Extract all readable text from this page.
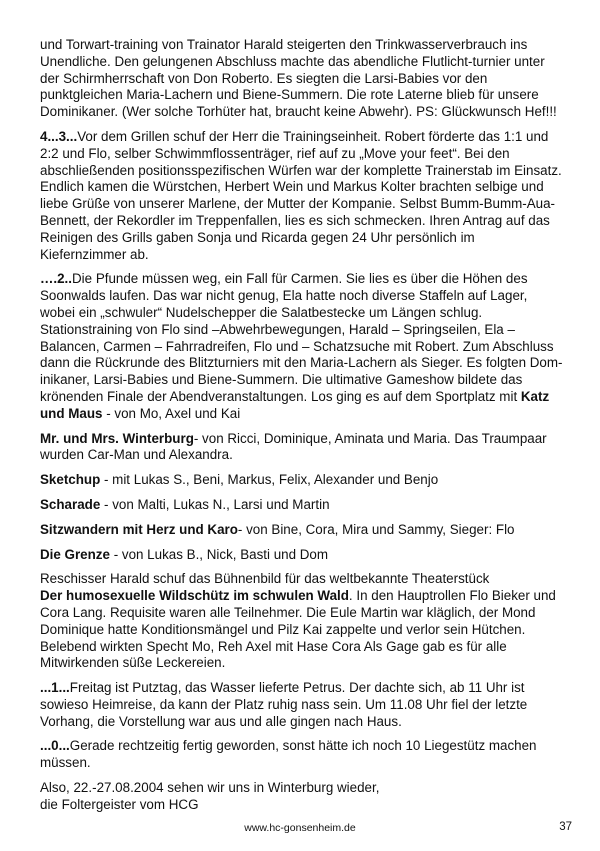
und Torwart-training von Trainator Harald steigerten den Trinkwasserverbrauch ins Unendliche. Den gelungenen Abschluss machte das abendliche Flutlicht-turnier unter der Schirmherrschaft von Don Roberto. Es siegten die Larsi-Babies vor den punktgleichen Maria-Lachern und Biene-Summern. Die rote Laterne blieb für unsere Dominikaner. (Wer solche Torhüter hat, braucht keine Abwehr). PS: Glückwunsch Hef!!!

4...3...Vor dem Grillen schuf der Herr die Trainingseinheit. Robert förderte das 1:1 und 2:2 und Flo, selber Schwimmflossenträger, rief auf zu „Move your feet“. Bei den abschließenden positionsspezifischen Würfen war der komplette Trainerstab im Einsatz. Endlich kamen die Würstchen, Herbert Wein und Markus Kolter brachten selbige und liebe Grüße von unserer Marlene, der Mutter der Kompanie. Selbst Bumm-Bumm-Aua-Bennett, der Rekordler im Treppenfallen, lies es sich schmecken. Ihren Antrag auf das Reinigen des Grills gaben Sonja und Ricarda gegen 24 Uhr persönlich im Kiefernzimmer ab.

….2..Die Pfunde müssen weg, ein Fall für Carmen. Sie lies es über die Höhen des Soonwalds laufen. Das war nicht genug, Ela hatte noch diverse Staffeln auf Lager, wobei ein „schwuler“ Nudelschepper die Salatbestecke um Längen schlug. Stationstraining von Flo sind –Abwehrbewegungen, Harald – Springseilen, Ela – Balancen, Carmen – Fahrradreifen, Flo und – Schatzsuche mit Robert. Zum Abschluss dann die Rückrunde des Blitzturniers mit den Maria-Lachern als Sieger. Es folgten Dom-inikaner, Larsi-Babies und Biene-Summern. Die ultimative Gameshow bildete das krönenden Finale der Abendveranstaltungen. Los ging es auf dem Sportplatz mit Katz und Maus - von Mo, Axel und Kai

Mr. und Mrs. Winterburg- von Ricci, Dominique, Aminata und Maria. Das Traumpaar wurden Car-Man und Alexandra.

Sketchup - mit Lukas S., Beni, Markus, Felix, Alexander und Benjo

Scharade - von Malti, Lukas N., Larsi und Martin

Sitzwandern mit Herz und Karo- von Bine, Cora, Mira und Sammy, Sieger: Flo

Die Grenze - von Lukas B., Nick, Basti und Dom

Reschisser Harald schuf das Bühnenbild für das weltbekannte Theaterstück
Der humosexuelle Wildschütz im schwulen Wald. In den Hauptrollen Flo Bieker und Cora Lang. Requisite waren alle Teilnehmer. Die Eule Martin war kläglich, der Mond Dominique hatte Konditionsmängel und Pilz Kai zappelte und verlor sein Hütchen. Belebend wirkten Specht Mo, Reh Axel mit Hase Cora Als Gage gab es für alle Mitwirkenden süße Leckereien.

...1...Freitag ist Putztag, das Wasser lieferte Petrus. Der dachte sich, ab 11 Uhr ist sowieso Heimreise, da kann der Platz ruhig nass sein. Um 11.08 Uhr fiel der letzte Vorhang, die Vorstellung war aus und alle gingen nach Haus.

...0...Gerade rechtzeitig fertig geworden, sonst hätte ich noch 10 Liegestütz machen müssen.

Also, 22.-27.08.2004 sehen wir uns in Winterburg wieder,
die Foltergeister vom HCG

www.hc-gonsenheim.de	37
